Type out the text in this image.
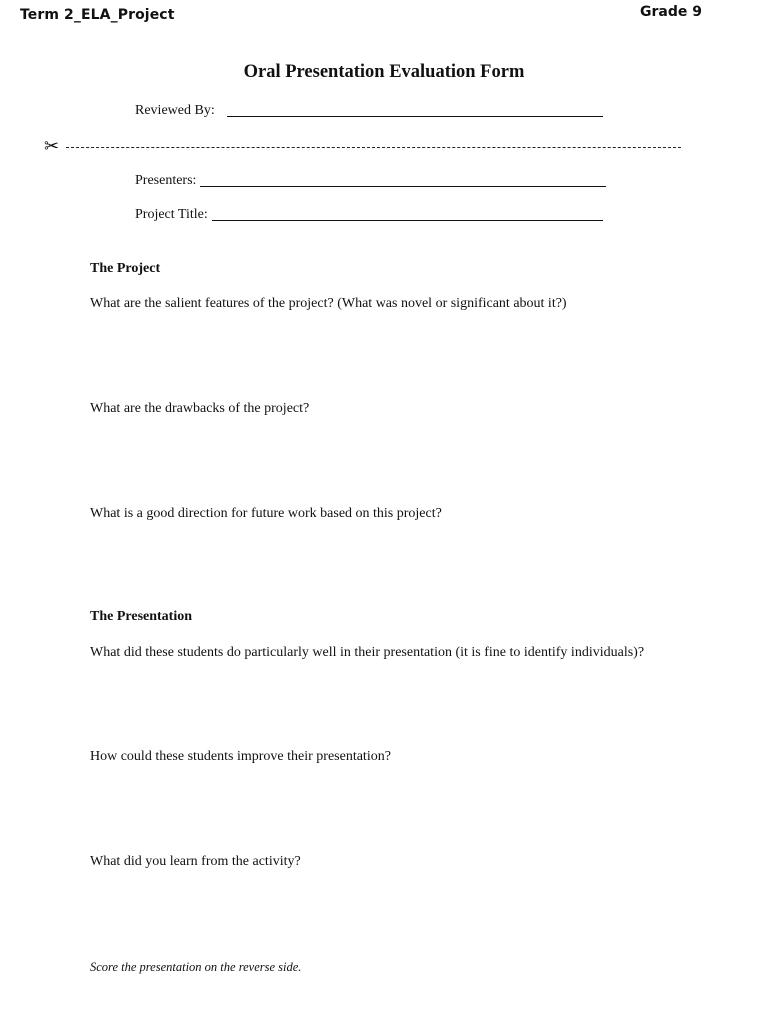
Term 2_ELA_Project	Grade 9
Oral Presentation Evaluation Form
Reviewed By:
✂
Presenters:
Project Title:
The Project
What are the salient features of the project? (What was novel or significant about it?)
What are the drawbacks of the project?
What is a good direction for future work based on this project?
The Presentation
What did these students do particularly well in their presentation (it is fine to identify individuals)?
How could these students improve their presentation?
What did you learn from the activity?
Score the presentation on the reverse side.
